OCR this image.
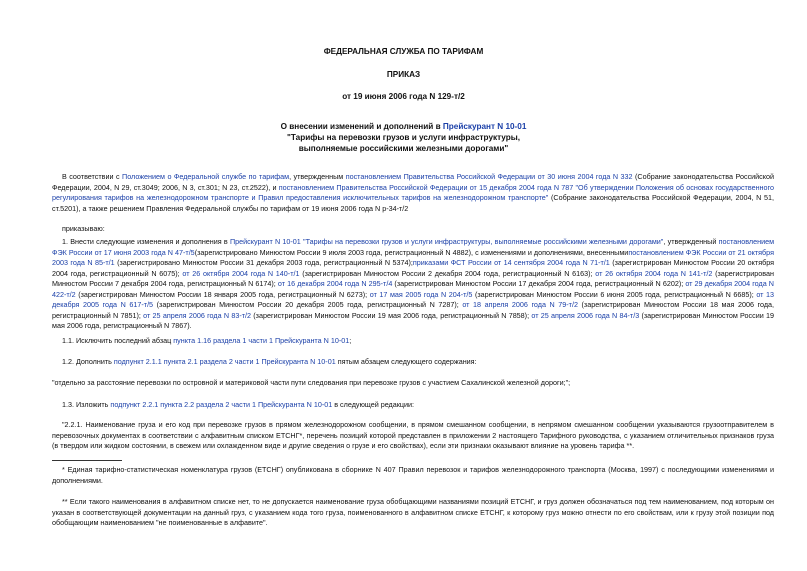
ФЕДЕРАЛЬНАЯ СЛУЖБА ПО ТАРИФАМ
ПРИКАЗ
от 19 июня 2006 года N 129-т/2
О внесении изменений и дополнений в Прейскурант N 10-01
"Тарифы на перевозки грузов и услуги инфраструктуры,
выполняемые российскими железными дорогами"
В соответствии с Положением о Федеральной службе по тарифам, утвержденным постановлением Правительства Российской Федерации от 30 июня 2004 года N 332 (Собрание законодательства Российской Федерации, 2004, N 29, ст.3049; 2006, N 3, ст.301; N 23, ст.2522), и постановлением Правительства Российской Федерации от 15 декабря 2004 года N 787 "Об утверждении Положения об основах государственного регулирования тарифов на железнодорожном транспорте и Правил предоставления исключительных тарифов на железнодорожном транспорте" (Собрание законодательства Российской Федерации, 2004, N 51, ст.5201), а также решением Правления Федеральной службы по тарифам от 19 июня 2006 года N р-34-т/2
приказываю:
1. Внести следующие изменения и дополнения в Прейскурант N 10-01 "Тарифы на перевозки грузов и услуги инфраструктуры, выполняемые российскими железными дорогами", утвержденный постановлением ФЭК России от 17 июня 2003 года N 47-т/5(зарегистрировано Минюстом России 9 июля 2003 года, регистрационный N 4882), с изменениями и дополнениями, внесеннымипостановлением ФЭК России от 21 октября 2003 года N 85-т/1 (зарегистрировано Минюстом России 31 декабря 2003 года, регистрационный N 5374);приказами ФСТ России от 14 сентября 2004 года N 71-т/1 (зарегистрирован Минюстом России 20 октября 2004 года, регистрационный N 6075); от 26 октября 2004 года N 140-т/1 (зарегистрирован Минюстом России 2 декабря 2004 года, регистрационный N 6163); от 26 октября 2004 года N 141-т/2 (зарегистрирован Минюстом России 7 декабря 2004 года, регистрационный N 6174); от 16 декабря 2004 года N 295-т/4 (зарегистрирован Минюстом России 17 декабря 2004 года, регистрационный N 6202); от 29 декабря 2004 года N 422-т/2 (зарегистрирован Минюстом России 18 января 2005 года, регистрационный N 6273); от 17 мая 2005 года N 204-т/5 (зарегистрирован Минюстом России 6 июня 2005 года, регистрационный N 6685); от 13 декабря 2005 года N 617-т/5 (зарегистрирован Минюстом России 20 декабря 2005 года, регистрационный N 7287); от 18 апреля 2006 года N 79-т/2 (зарегистрирован Минюстом России 18 мая 2006 года, регистрационный N 7851); от 25 апреля 2006 года N 83-т/2 (зарегистрирован Минюстом России 19 мая 2006 года, регистрационный N 7858); от 25 апреля 2006 года N 84-т/3 (зарегистрирован Минюстом России 19 мая 2006 года, регистрационный N 7867).
1.1. Исключить последний абзац пункта 1.16 раздела 1 части 1 Прейскуранта N 10-01;
1.2. Дополнить подпункт 2.1.1 пункта 2.1 раздела 2 части 1 Прейскуранта N 10-01 пятым абзацем следующего содержания:
"отдельно за расстояние перевозки по островной и материковой части пути следования при перевозке грузов с участием Сахалинской железной дороги;";
1.3. Изложить подпункт 2.2.1 пункта 2.2 раздела 2 части 1 Прейскуранта N 10-01 в следующей редакции:
"2.2.1. Наименование груза и его код при перевозке грузов в прямом железнодорожном сообщении, в прямом смешанном сообщении, в непрямом смешанном сообщении указываются грузоотправителем в перевозочных документах в соответствии с алфавитным списком ЕТСНГ*, перечень позиций которой представлен в приложении 2 настоящего Тарифного руководства, с указанием отличительных признаков груза (в твердом или жидком состоянии, в свежем или охлажденном виде и другие сведения о грузе и его свойствах), если эти признаки оказывают влияние на уровень тарифа **.
* Единая тарифно-статистическая номенклатура грузов (ЕТСНГ) опубликована в сборнике N 407 Правил перевозок и тарифов железнодорожного транспорта (Москва, 1997) с последующими изменениями и дополнениями.
** Если такого наименования в алфавитном списке нет, то не допускается наименование груза обобщающими названиями позиций ЕТСНГ, и груз должен обозначаться под тем наименованием, под которым он указан в соответствующей документации на данный груз, с указанием кода того груза, поименованного в алфавитном списке ЕТСНГ, к которому груз можно отнести по его свойствам, или к грузу этой позиции под обобщающим наименованием "не поименованные в алфавите".
